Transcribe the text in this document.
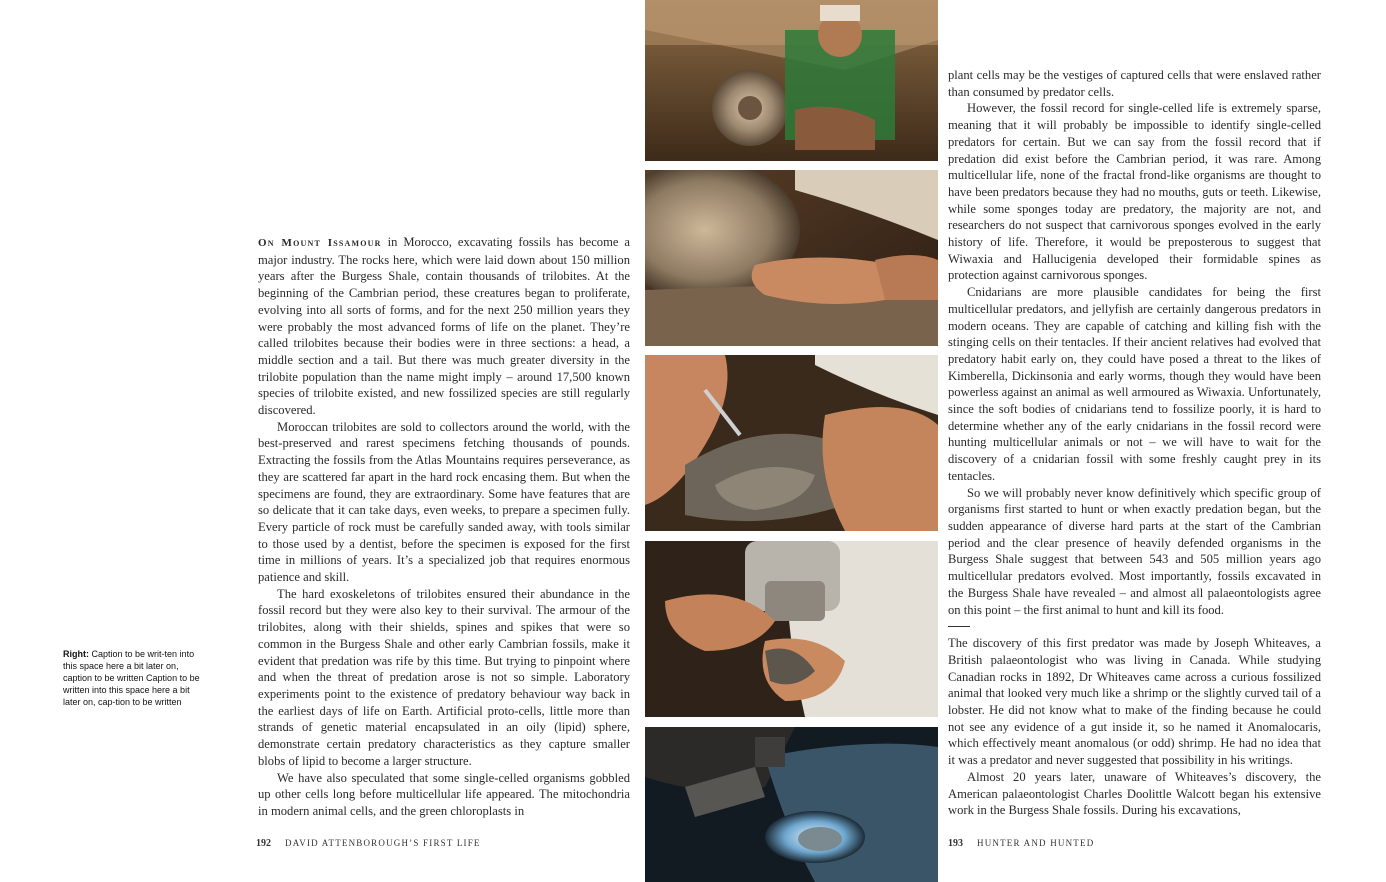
Right: Caption to be writ-ten into this space here a bit later on, caption to be written Caption to be written into this space here a bit later on, cap-tion to be written

On Mount Issamour in Morocco, excavating fossils has become a major industry. The rocks here, which were laid down about 150 million years after the Burgess Shale, contain thousands of trilobites. At the beginning of the Cambrian period, these creatures began to proliferate, evolving into all sorts of forms, and for the next 250 million years they were probably the most advanced forms of life on the planet. They’re called trilobites because their bodies were in three sections: a head, a middle section and a tail. But there was much greater diversity in the trilobite population than the name might imply – around 17,500 known species of trilobite existed, and new fossilized species are still regularly discovered.

Moroccan trilobites are sold to collectors around the world, with the best-preserved and rarest specimens fetching thousands of pounds. Extracting the fossils from the Atlas Mountains requires perseverance, as they are scattered far apart in the hard rock encasing them. But when the specimens are found, they are extraordinary. Some have features that are so delicate that it can take days, even weeks, to prepare a specimen fully. Every particle of rock must be carefully sanded away, with tools similar to those used by a dentist, before the specimen is exposed for the first time in millions of years. It’s a specialized job that requires enormous patience and skill.

The hard exoskeletons of trilobites ensured their abundance in the fossil record but they were also key to their survival. The armour of the trilobites, along with their shields, spines and spikes that were so common in the Burgess Shale and other early Cambrian fossils, make it evident that predation was rife by this time. But trying to pinpoint where and when the threat of predation arose is not so simple. Laboratory experiments point to the existence of predatory behaviour way back in the earliest days of life on Earth. Artificial proto-cells, little more than strands of genetic material encapsulated in an oily (lipid) sphere, demonstrate certain predatory characteristics as they capture smaller blobs of lipid to become a larger structure.

We have also speculated that some single-celled organisms gobbled up other cells long before multicellular life appeared. The mitochondria in modern animal cells, and the green chloroplasts in

plant cells may be the vestiges of captured cells that were enslaved rather than consumed by predator cells.

However, the fossil record for single-celled life is extremely sparse, meaning that it will probably be impossible to identify single-celled predators for certain. But we can say from the fossil record that if predation did exist before the Cambrian period, it was rare. Among multicellular life, none of the fractal frond-like organisms are thought to have been predators because they had no mouths, guts or teeth. Likewise, while some sponges today are predatory, the majority are not, and researchers do not suspect that carnivorous sponges evolved in the early history of life. Therefore, it would be preposterous to suggest that Wiwaxia and Hallucigenia developed their formidable spines as protection against carnivorous sponges.

Cnidarians are more plausible candidates for being the first multicellular predators, and jellyfish are certainly dangerous predators in modern oceans. They are capable of catching and killing fish with the stinging cells on their tentacles. If their ancient relatives had evolved that predatory habit early on, they could have posed a threat to the likes of Kimberella, Dickinsonia and early worms, though they would have been powerless against an animal as well armoured as Wiwaxia. Unfortunately, since the soft bodies of cnidarians tend to fossilize poorly, it is hard to determine whether any of the early cnidarians in the fossil record were hunting multicellular animals or not – we will have to wait for the discovery of a cnidarian fossil with some freshly caught prey in its tentacles.

So we will probably never know definitively which specific group of organisms first started to hunt or when exactly predation began, but the sudden appearance of diverse hard parts at the start of the Cambrian period and the clear presence of heavily defended organisms in the Burgess Shale suggest that between 543 and 505 million years ago multicellular predators evolved. Most importantly, fossils excavated in the Burgess Shale have revealed – and almost all palaeontologists agree on this point – the first animal to hunt and kill its food.

The discovery of this first predator was made by Joseph Whiteaves, a British palaeontologist who was living in Canada. While studying Canadian rocks in 1892, Dr Whiteaves came across a curious fossilized animal that looked very much like a shrimp or the slightly curved tail of a lobster. He did not know what to make of the finding because he could not see any evidence of a gut inside it, so he named it Anomalocaris, which effectively meant anomalous (or odd) shrimp. He had no idea that it was a predator and never suggested that possibility in his writings.

Almost 20 years later, unaware of Whiteaves’s discovery, the American palaeontologist Charles Doolittle Walcott began his extensive work in the Burgess Shale fossils. During his excavations,

192 DAVID ATTENBOROUGH’S FIRST LIFE	193 HUNTER AND HUNTED
